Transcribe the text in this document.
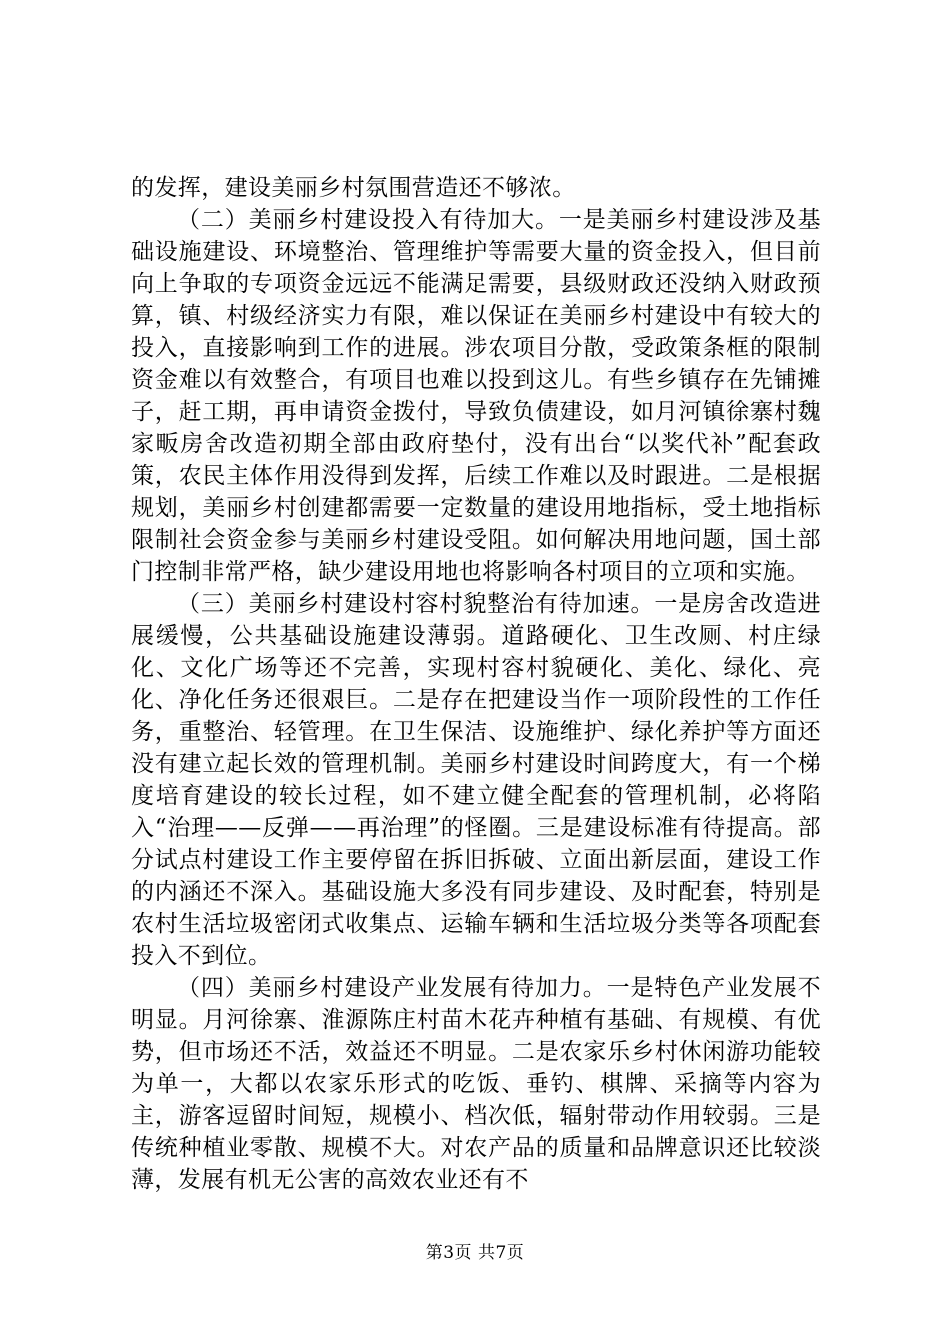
的发挥，建设美丽乡村氛围营造还不够浓。

（二）美丽乡村建设投入有待加大。一是美丽乡村建设涉及基础设施建设、环境整治、管理维护等需要大量的资金投入，但目前向上争取的专项资金远远不能满足需要，县级财政还没纳入财政预算，镇、村级经济实力有限，难以保证在美丽乡村建设中有较大的投入，直接影响到工作的进展。涉农项目分散，受政策条框的限制资金难以有效整合，有项目也难以投到这儿。有些乡镇存在先铺摊子，赶工期，再申请资金拨付，导致负债建设，如月河镇徐寨村魏家畈房舍改造初期全部由政府垫付，没有出台“以奖代补”配套政策，农民主体作用没得到发挥，后续工作难以及时跟进。二是根据规划，美丽乡村创建都需要一定数量的建设用地指标，受土地指标限制社会资金参与美丽乡村建设受阻。如何解决用地问题，国土部门控制非常严格，缺少建设用地也将影响各村项目的立项和实施。

（三）美丽乡村建设村容村貌整治有待加速。一是房舍改造进展缓慢，公共基础设施建设薄弱。道路硬化、卫生改厕、村庄绿化、文化广场等还不完善，实现村容村貌硬化、美化、绿化、亮化、净化任务还很艰巨。二是存在把建设当作一项阶段性的工作任务，重整治、轻管理。在卫生保洁、设施维护、绿化养护等方面还没有建立起长效的管理机制。美丽乡村建设时间跨度大，有一个梯度培育建设的较长过程，如不建立健全配套的管理机制，必将陷入“治理——反弹——再治理”的怪圈。三是建设标准有待提高。部分试点村建设工作主要停留在拆旧拆破、立面出新层面，建设工作的内涵还不深入。基础设施大多没有同步建设、及时配套，特别是农村生活垃圾密闭式收集点、运输车辆和生活垃圾分类等各项配套投入不到位。

（四）美丽乡村建设产业发展有待加力。一是特色产业发展不明显。月河徐寨、淮源陈庄村苗木花卉种植有基础、有规模、有优势，但市场还不活，效益还不明显。二是农家乐乡村休闲游功能较为单一，大都以农家乐形式的吃饭、垂钓、棋牌、采摘等内容为主，游客逗留时间短，规模小、档次低，辐射带动作用较弱。三是传统种植业零散、规模不大。对农产品的质量和品牌意识还比较淡薄，发展有机无公害的高效农业还有不

第3页 共7页
